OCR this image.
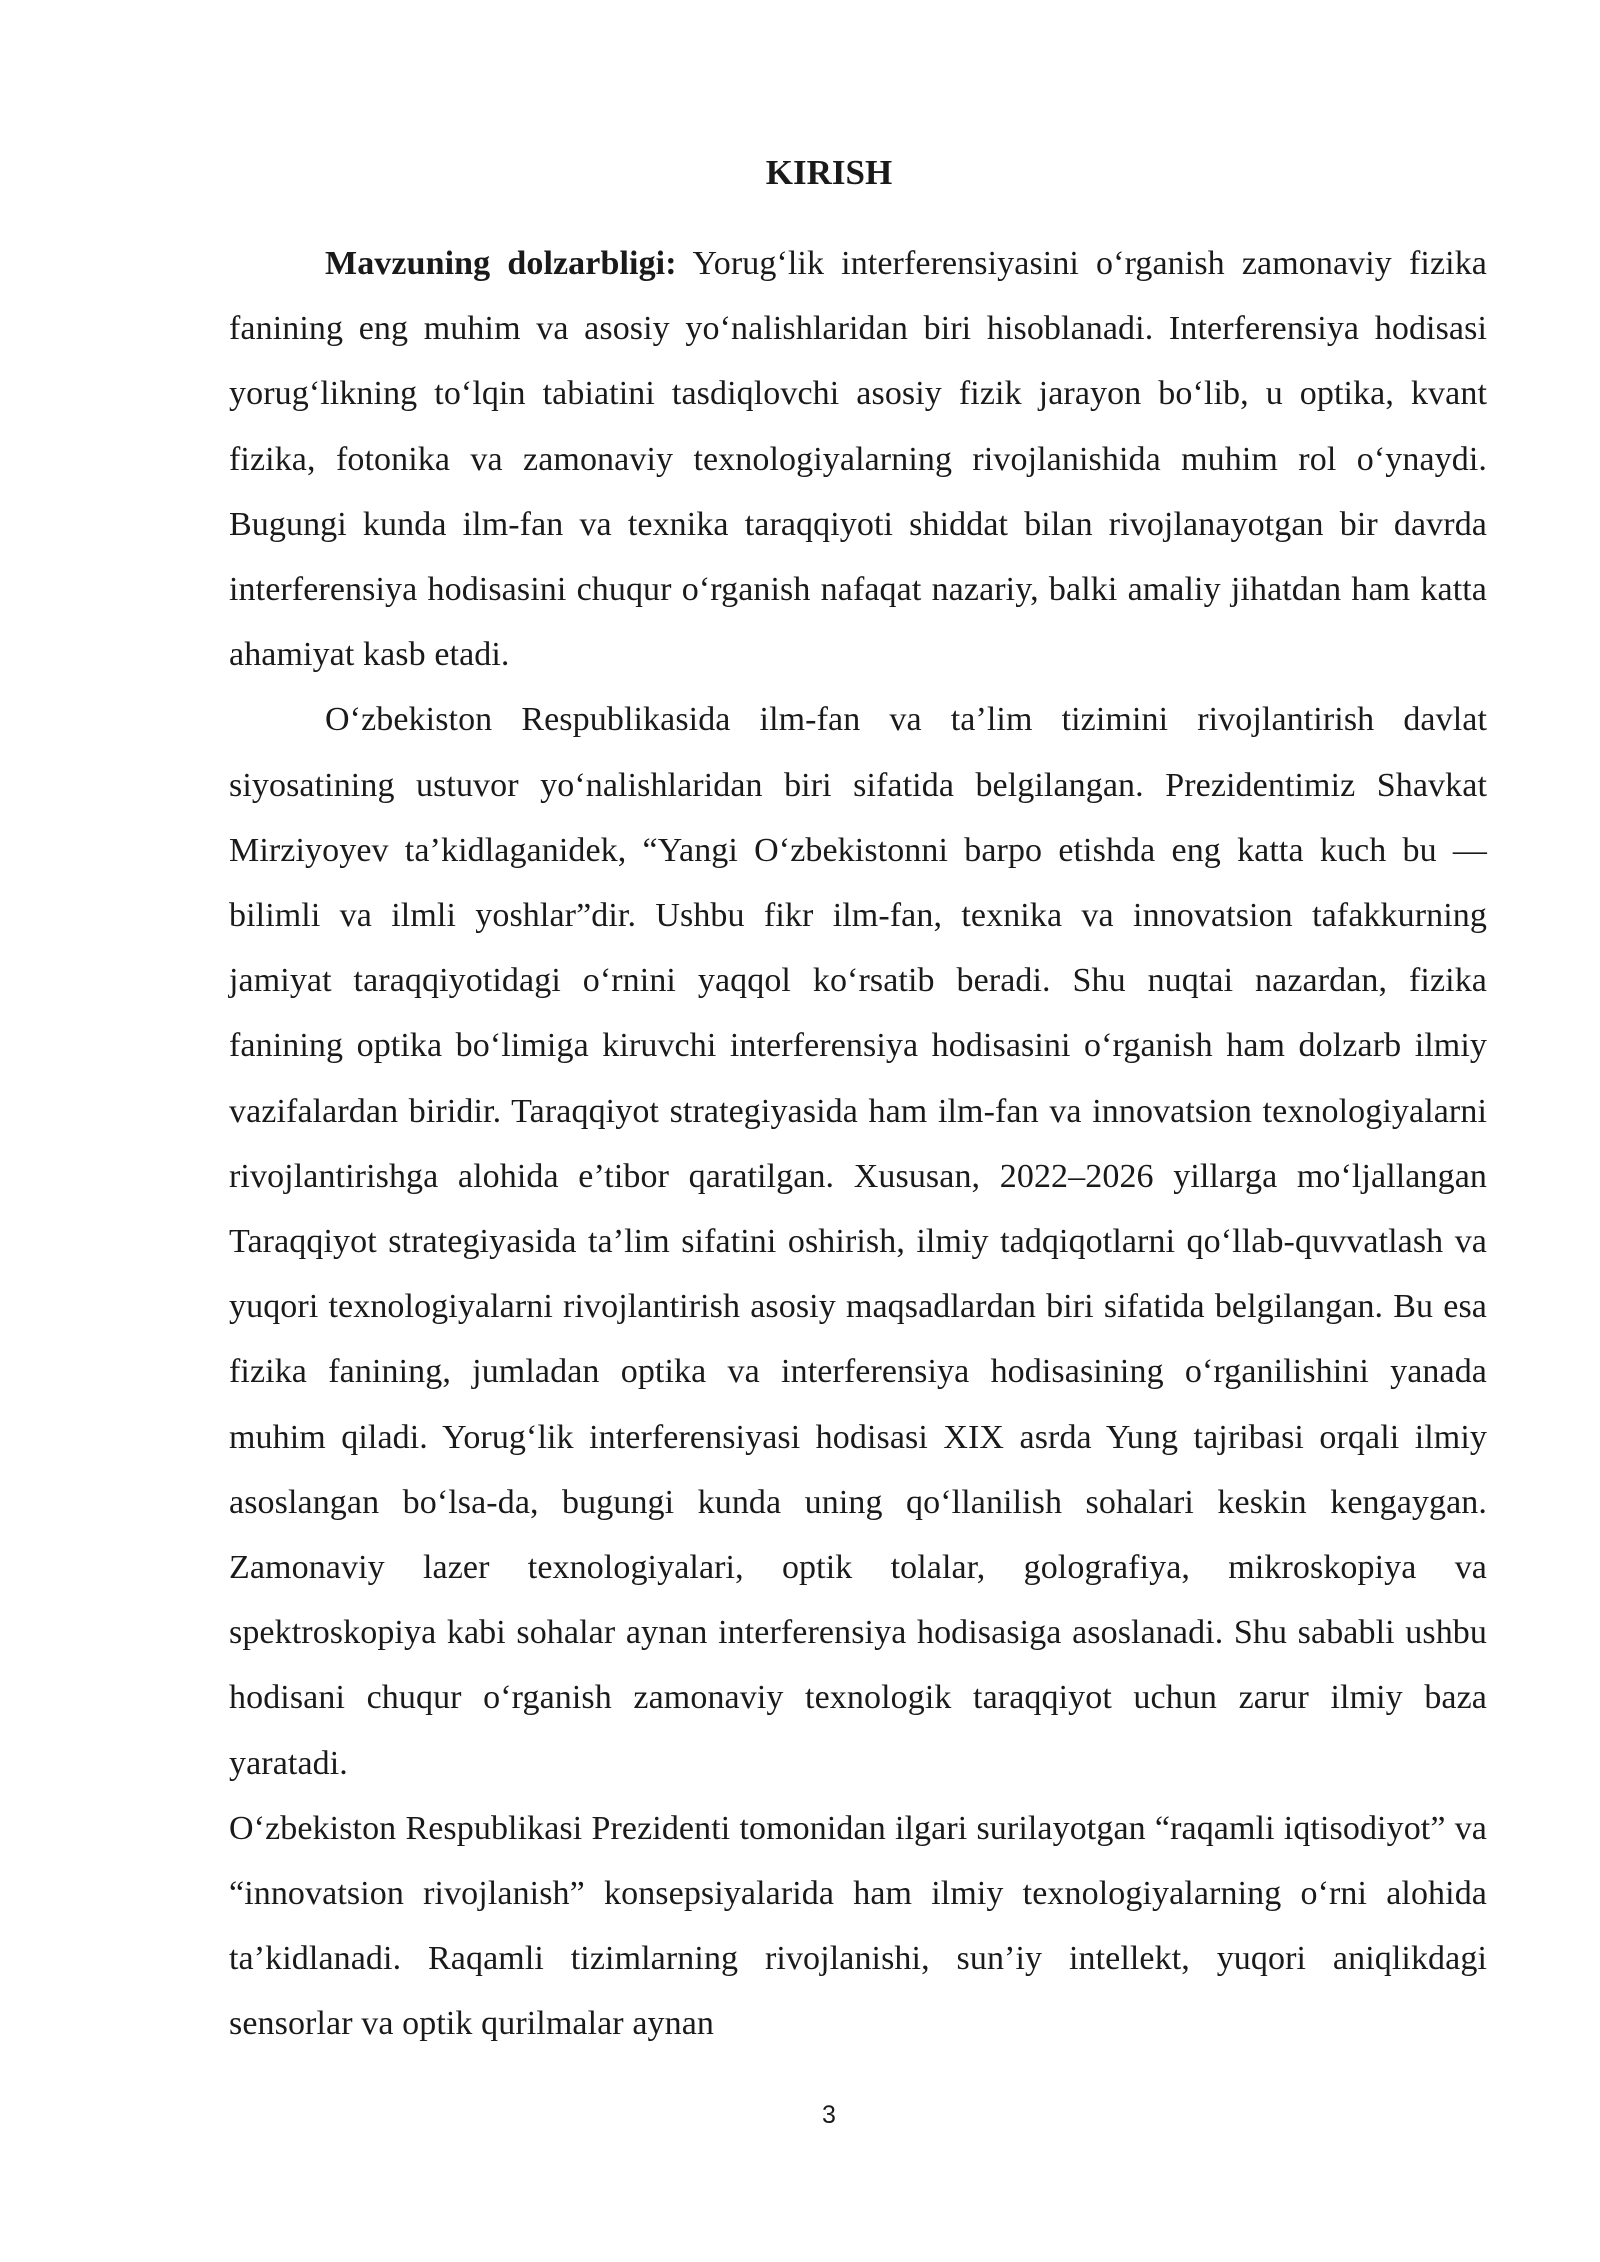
KIRISH

Mavzuning dolzarbligi: Yorug‘lik interferensiyasini o‘rganish zamonaviy fizika fanining eng muhim va asosiy yo‘nalishlaridan biri hisoblanadi. Interferensiya hodisasi yorug‘likning to‘lqin tabiatini tasdiqlovchi asosiy fizik jarayon bo‘lib, u optika, kvant fizika, fotonika va zamonaviy texnologiyalarning rivojlanishida muhim rol o‘ynaydi. Bugungi kunda ilm-fan va texnika taraqqiyoti shiddat bilan rivojlanayotgan bir davrda interferensiya hodisasini chuqur o‘rganish nafaqat nazariy, balki amaliy jihatdan ham katta ahamiyat kasb etadi.

O‘zbekiston Respublikasida ilm-fan va ta’lim tizimini rivojlantirish davlat siyosatining ustuvor yo‘nalishlaridan biri sifatida belgilangan. Prezidentimiz Shavkat Mirziyoyev ta’kidlaganidek, “Yangi O‘zbekistonni barpo etishda eng katta kuch bu — bilimli va ilmli yoshlar”dir. Ushbu fikr ilm-fan, texnika va innovatsion tafakkurning jamiyat taraqqiyotidagi o‘rnini yaqqol ko‘rsatib beradi. Shu nuqtai nazardan, fizika fanining optika bo‘limiga kiruvchi interferensiya hodisasini o‘rganish ham dolzarb ilmiy vazifalardan biridir. Taraqqiyot strategiyasida ham ilm-fan va innovatsion texnologiyalarni rivojlantirishga alohida e’tibor qaratilgan. Xususan, 2022–2026 yillarga mo‘ljallangan Taraqqiyot strategiyasida ta’lim sifatini oshirish, ilmiy tadqiqotlarni qo‘llab-quvvatlash va yuqori texnologiyalarni rivojlantirish asosiy maqsadlardan biri sifatida belgilangan. Bu esa fizika fanining, jumladan optika va interferensiya hodisasining o‘rganilishini yanada muhim qiladi. Yorug‘lik interferensiyasi hodisasi XIX asrda Yung tajribasi orqali ilmiy asoslangan bo‘lsa-da, bugungi kunda uning qo‘llanilish sohalari keskin kengaygan. Zamonaviy lazer texnologiyalari, optik tolalar, golografiya, mikroskopiya va spektroskopiya kabi sohalar aynan interferensiya hodisasiga asoslanadi. Shu sababli ushbu hodisani chuqur o‘rganish zamonaviy texnologik taraqqiyot uchun zarur ilmiy baza yaratadi.

O‘zbekiston Respublikasi Prezidenti tomonidan ilgari surilayotgan “raqamli iqtisodiyot” va “innovatsion rivojlanish” konsepsiyalarida ham ilmiy texnologiyalarning o‘rni alohida ta’kidlanadi. Raqamli tizimlarning rivojlanishi, sun’iy intellekt, yuqori aniqlikdagi sensorlar va optik qurilmalar aynan

3
